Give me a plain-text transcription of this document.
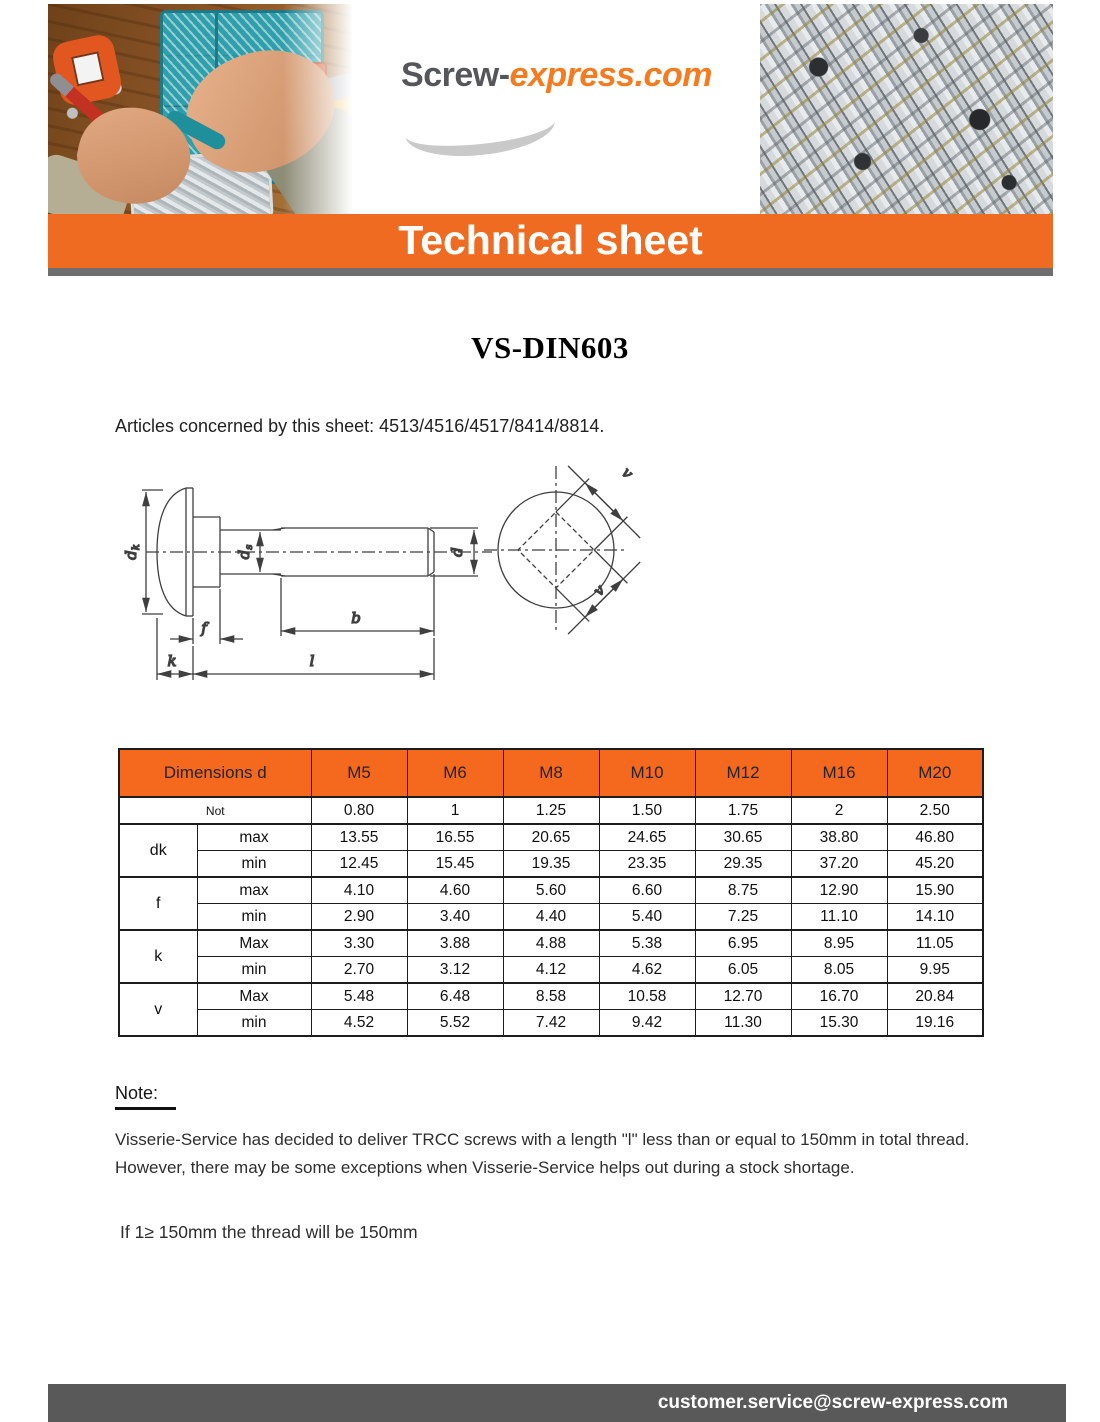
Screw-express.com
Technical sheet
VS-DIN603

Articles concerned by this sheet: 4513/4516/4517/8414/8814.

$d_k$
$d_s$	d
f
b
k	l
v
v
Dimensions d		M5	M6	M8	M10	M12	M16	M20
Not		0.80	1	1.25	1.50	1.75	2	2.50
dk	max	13.55	16.55	20.65	24.65	30.65	38.80	46.80
	min	12.45	15.45	19.35	23.35	29.35	37.20	45.20
f	max	4.10	4.60	5.60	6.60	8.75	12.90	15.90
	min	2.90	3.40	4.40	5.40	7.25	11.10	14.10
k	Max	3.30	3.88	4.88	5.38	6.95	8.95	11.05
	min	2.70	3.12	4.12	4.62	6.05	8.05	9.95
v	Max	5.48	6.48	8.58	10.58	12.70	16.70	20.84
	min	4.52	5.52	7.42	9.42	11.30	15.30	19.16
Note:

Visserie-Service has decided to deliver TRCC screws with a length "l" less than or equal to 150mm in total thread. However, there may be some exceptions when Visserie-Service helps out during a stock shortage.

If 1≥ 150mm the thread will be 150mm

customer.service@screw-express.com
